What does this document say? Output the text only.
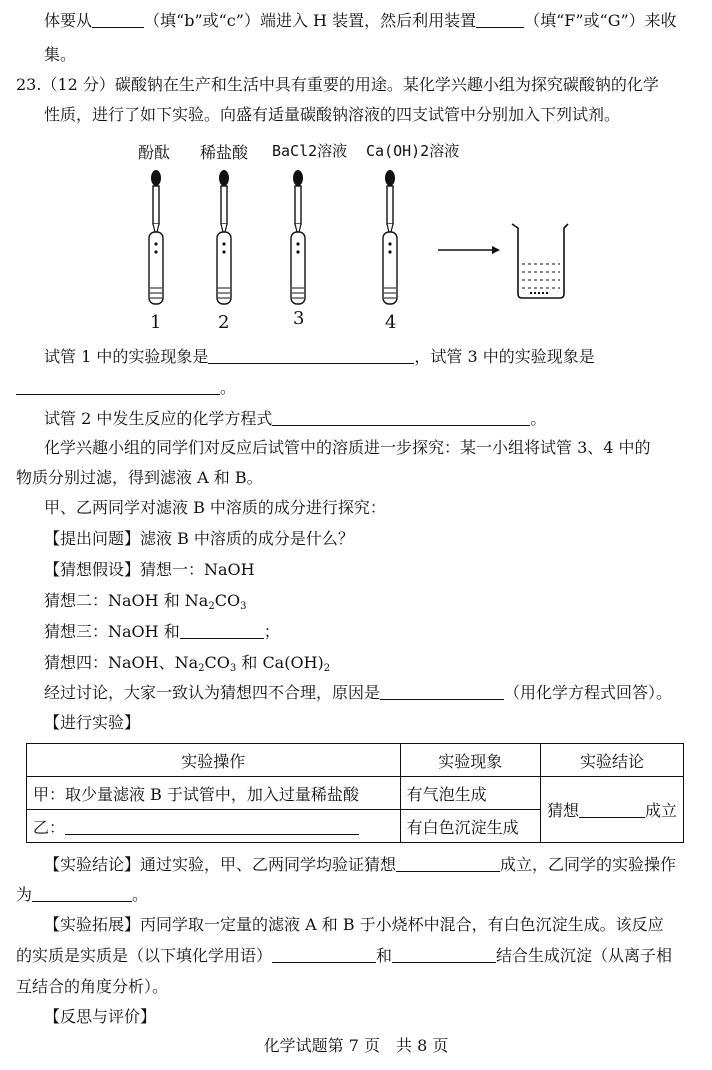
体要从	（填“b”或“c”）端进入 H 装置，然后利用装置	（填“F”或“G”）来收
集。
23.（12 分）碳酸钠在生产和生活中具有重要的用途。某化学兴趣小组为探究碳酸钠的化学
性质，进行了如下实验。向盛有适量碳酸钠溶液的四支试管中分别加入下列试剂。
酚酞 稀盐酸 BaCl2溶液 Ca(OH)2溶液
1	2	3	4
试管 1 中的实验现象是	，试管 3 中的实验现象是
。
试管 2 中发生反应的化学方程式	。
化学兴趣小组的同学们对反应后试管中的溶质进一步探究：某一小组将试管 3、4 中的
物质分别过滤，得到滤液 A 和 B。
甲、乙两同学对滤液 B 中溶质的成分进行探究：
【提出问题】滤液 B 中溶质的成分是什么？
【猜想假设】猜想一：NaOH
猜想二：NaOH 和 $Na_2CO_3$
猜想三：NaOH 和	；
猜想四：NaOH、$Na_2CO_3$ 和 $Ca(OH)_2$
经过讨论，大家一致认为猜想四不合理，原因是	（用化学方程式回答）。
【进行实验】
实验操作	实验现象	实验结论
甲：取少量滤液 B 于试管中，加入过量稀盐酸	有气泡生成	猜想 成立
乙：	有白色沉淀生成	
【实验结论】通过实验，甲、乙两同学均验证猜想	成立，乙同学的实验操作
为	。
【实验拓展】丙同学取一定量的滤液 A 和 B 于小烧杯中混合，有白色沉淀生成。该反应
的实质是实质是（以下填化学用语）	和	结合生成沉淀（从离子相
互结合的角度分析）。
【反思与评价】
化学试题第 7 页　共 8 页
